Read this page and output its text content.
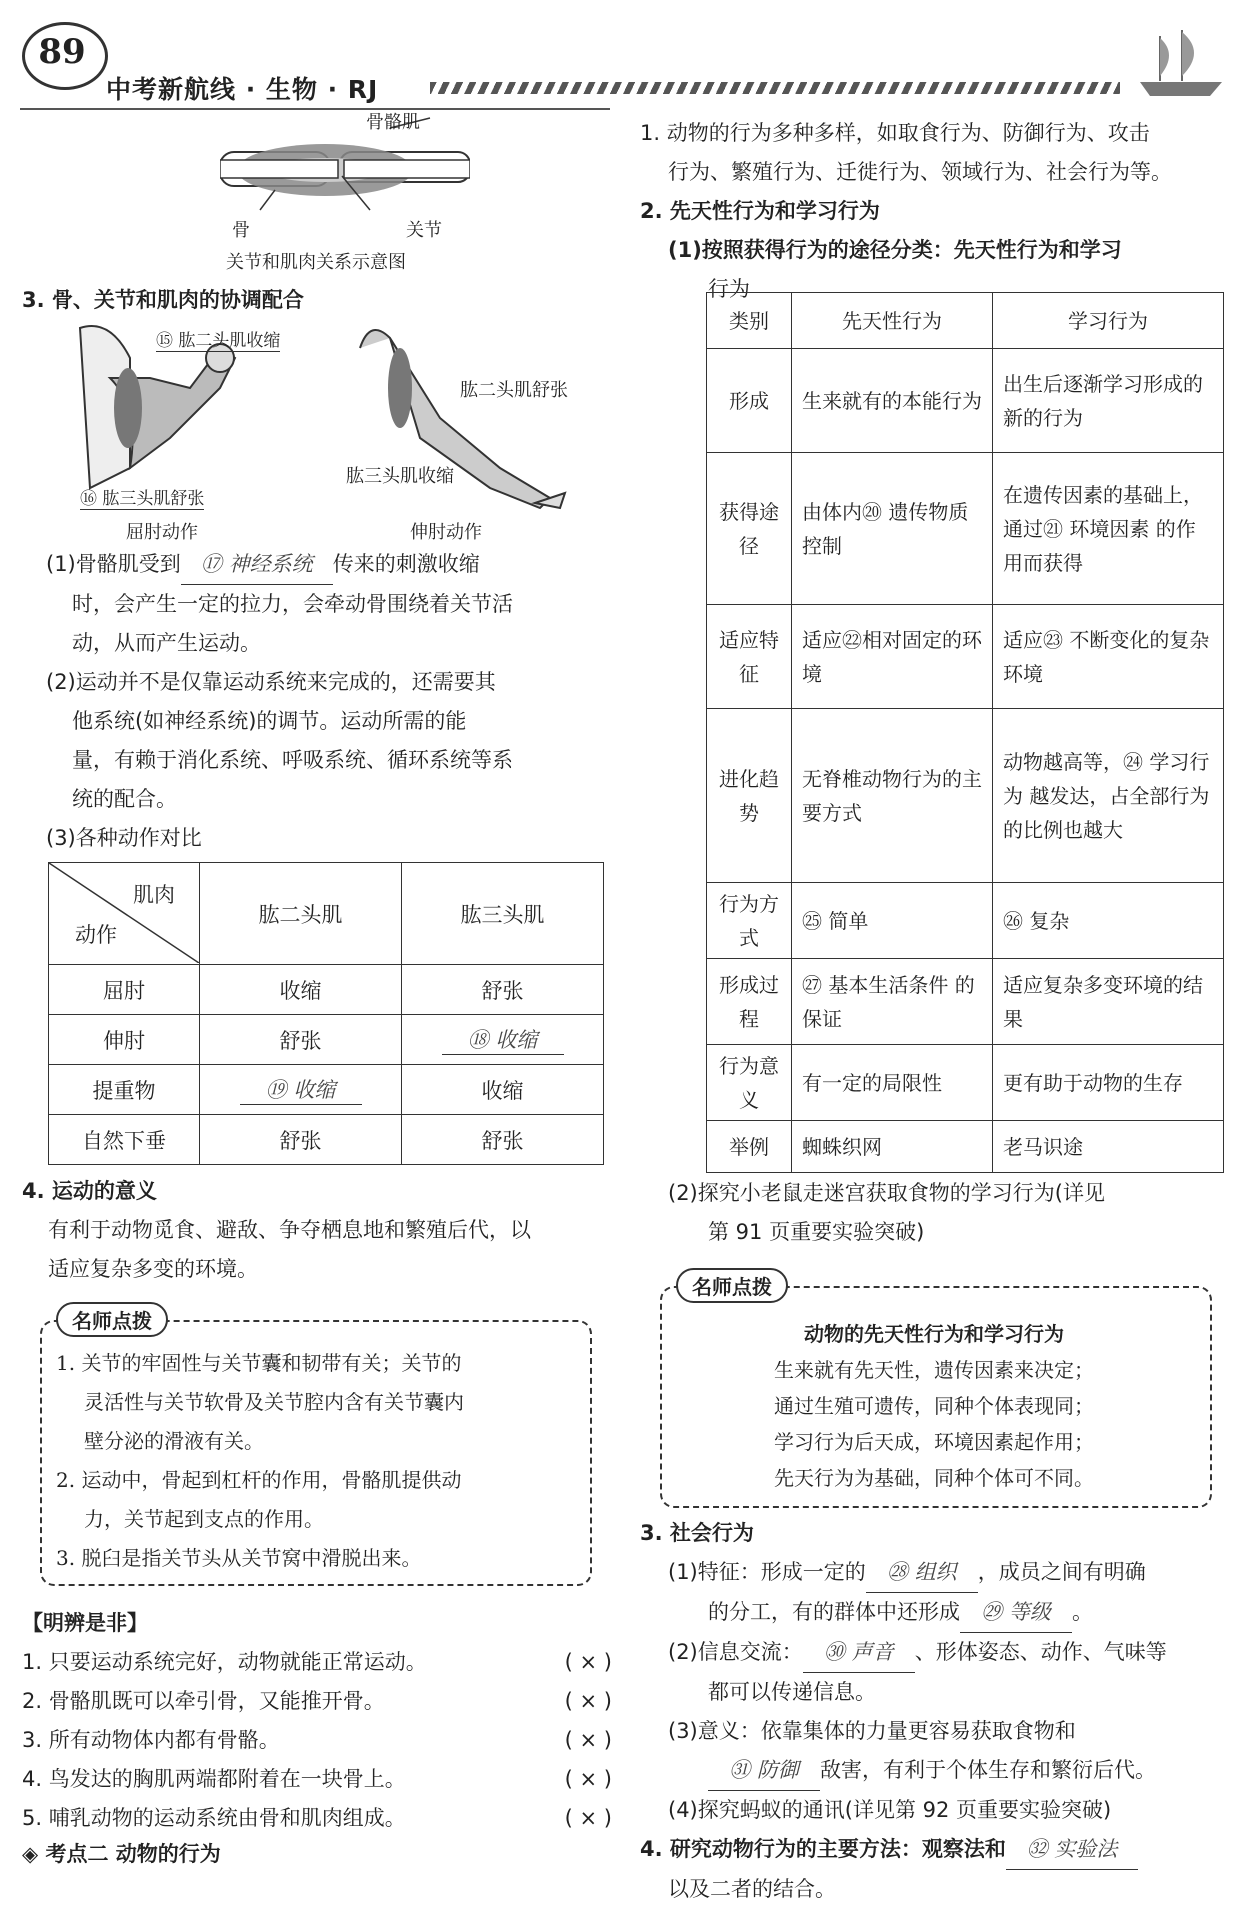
89
中考新航线 · 生物 · RJ
骨骼肌
骨	关节
关节和肌肉关系示意图
3. 骨、关节和肌肉的协调配合
⑮ 肱二头肌收缩
⑯ 肱三头肌舒张
屈肘动作
肱二头肌舒张
肱三头肌收缩
伸肘动作
(1)骨骼肌受到 ⑰ 神经系统 传来的刺激收缩
时，会产生一定的拉力，会牵动骨围绕着关节活
动，从而产生运动。
(2)运动并不是仅靠运动系统来完成的，还需要其
他系统(如神经系统)的调节。运动所需的能
量，有赖于消化系统、呼吸系统、循环系统等系
统的配合。
(3)各种动作对比
肌肉
动作	肱二头肌	肱三头肌
屈肘	收缩	舒张
伸肘	舒张	⑱ 收缩
提重物	⑲ 收缩	收缩
自然下垂	舒张	舒张
4. 运动的意义
有利于动物觅食、避敌、争夺栖息地和繁殖后代，以
适应复杂多变的环境。
名师点拨
1. 关节的牢固性与关节囊和韧带有关；关节的
灵活性与关节软骨及关节腔内含有关节囊内
壁分泌的滑液有关。
2. 运动中，骨起到杠杆的作用，骨骼肌提供动
力，关节起到支点的作用。
3. 脱臼是指关节头从关节窝中滑脱出来。
【明辨是非】
1. 只要运动系统完好，动物就能正常运动。	( × )
2. 骨骼肌既可以牵引骨，又能推开骨。	( × )
3. 所有动物体内都有骨骼。	( × )
4. 鸟发达的胸肌两端都附着在一块骨上。	( × )
5. 哺乳动物的运动系统由骨和肌肉组成。	( × )
◈ 考点二 动物的行为
1. 动物的行为多种多样，如取食行为、防御行为、攻击
行为、繁殖行为、迁徙行为、领域行为、社会行为等。
2. 先天性行为和学习行为
(1)按照获得行为的途径分类：先天性行为和学习
行为
类别	先天性行为	学习行为
形成	生来就有的本能行为	出生后逐渐学习形成的新的行为
获得途径	由体内⑳ 遗传物质 控制	在遗传因素的基础上，通过㉑ 环境因素 的作用而获得
适应特征	适应㉒相对固定的环境	适应㉓ 不断变化的复杂环境
进化趋势	无脊椎动物行为的主要方式	动物越高等，㉔ 学习行为 越发达，占全部行为的比例也越大
行为方式	㉕ 简单	㉖ 复杂
形成过程	㉗ 基本生活条件 的保证	适应复杂多变环境的结果
行为意义	有一定的局限性	更有助于动物的生存
举例	蜘蛛织网	老马识途
(2)探究小老鼠走迷宫获取食物的学习行为(详见
第 91 页重要实验突破)
名师点拨
动物的先天性行为和学习行为
生来就有先天性，遗传因素来决定；
通过生殖可遗传，同种个体表现同；
学习行为后天成，环境因素起作用；
先天行为为基础，同种个体可不同。
3. 社会行为
(1)特征：形成一定的 ㉘ 组织 ，成员之间有明确
的分工，有的群体中还形成 ㉙ 等级 。
(2)信息交流： ㉚ 声音 、形体姿态、动作、气味等
都可以传递信息。
(3)意义：依靠集体的力量更容易获取食物和
㉛ 防御 敌害，有利于个体生存和繁衍后代。
(4)探究蚂蚁的通讯(详见第 92 页重要实验突破)
4. 研究动物行为的主要方法：观察法和 ㉜ 实验法
以及二者的结合。
